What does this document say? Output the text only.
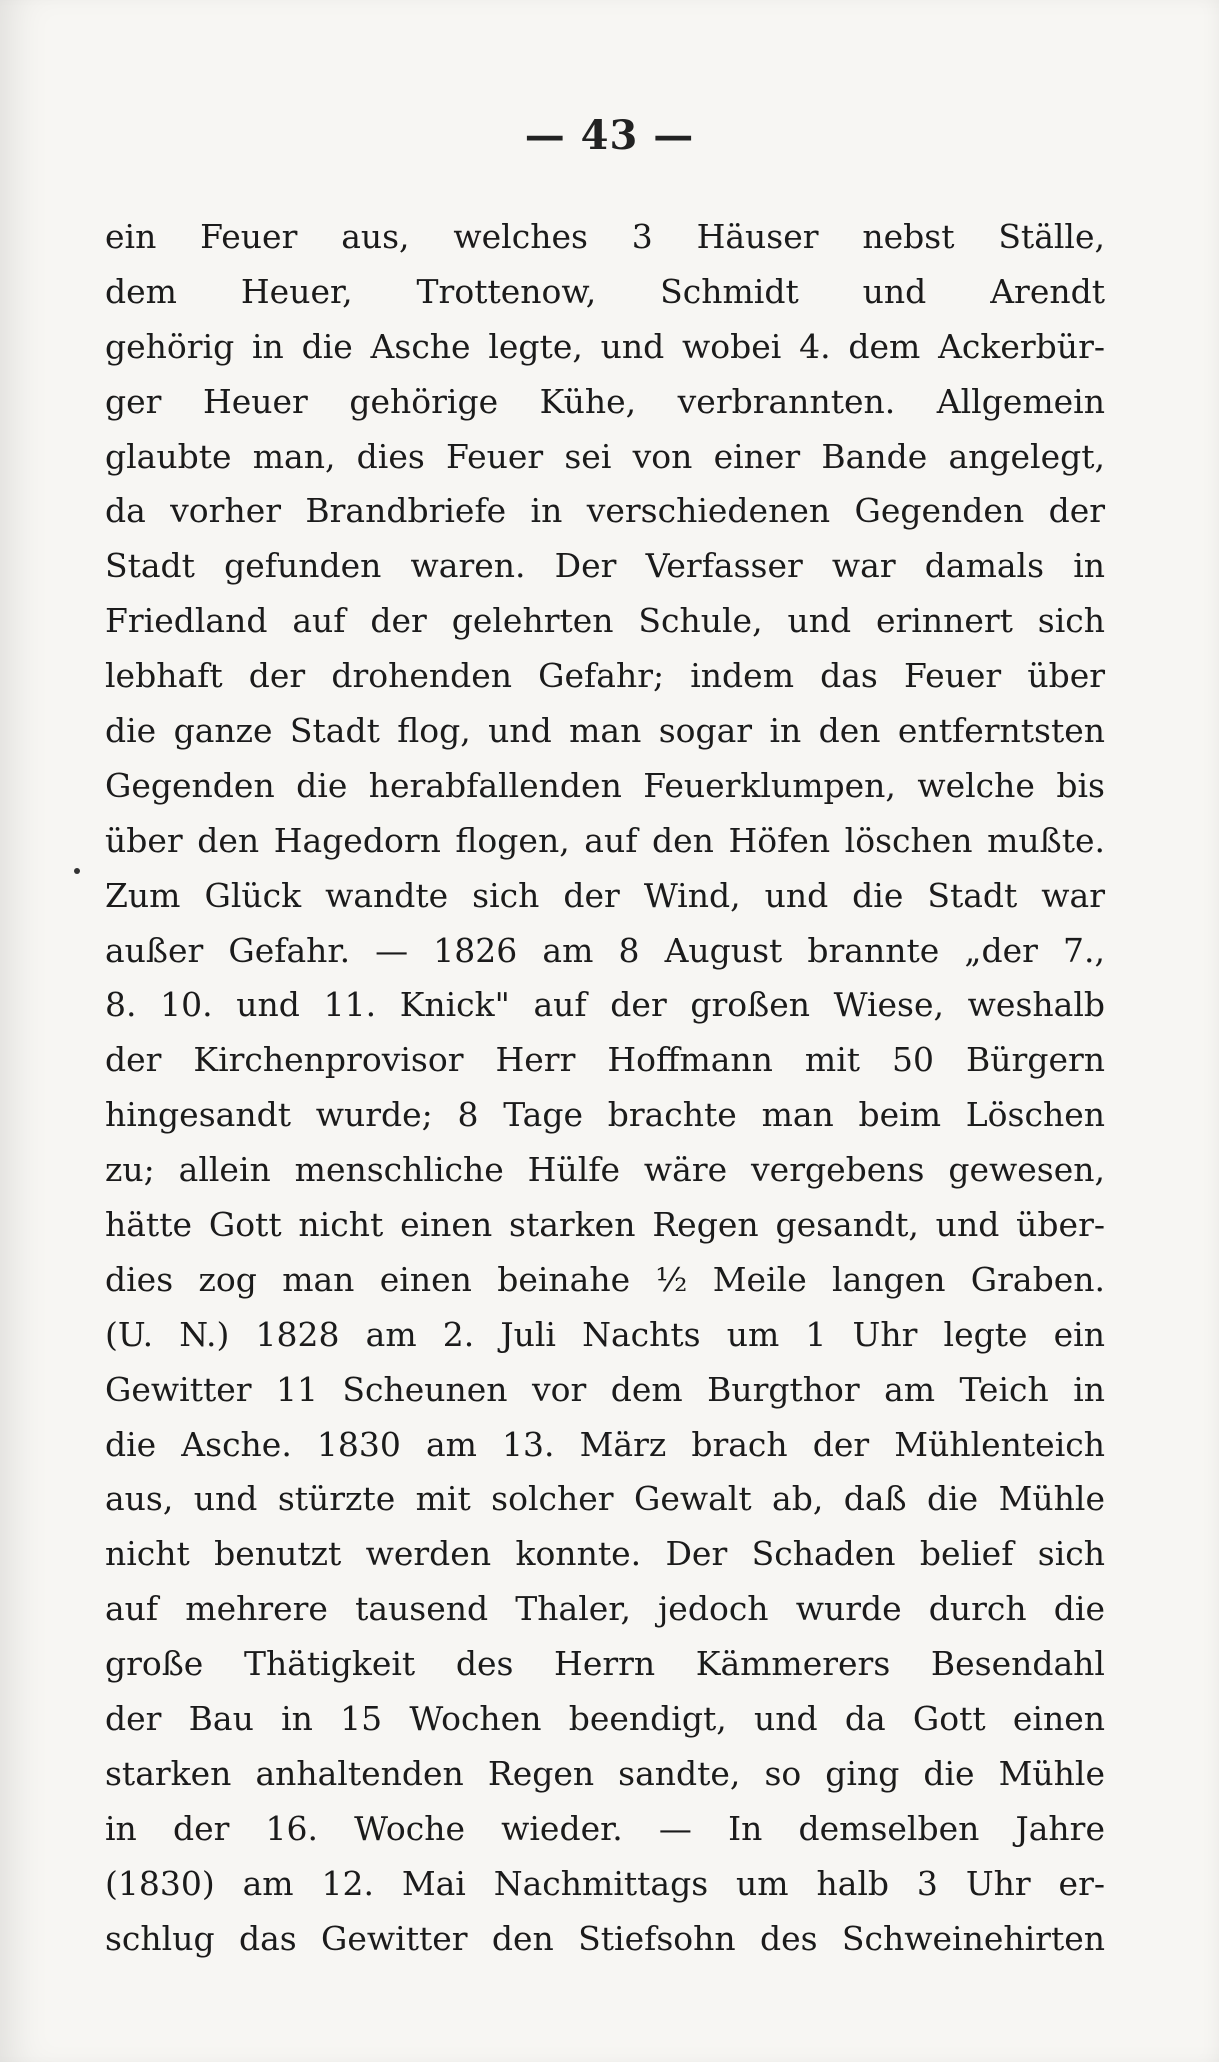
— 43 —
ein Feuer aus, welches 3 Häuser nebst Ställe,
dem Heuer, Trottenow, Schmidt und Arendt
gehörig in die Asche legte, und wobei 4. dem Ackerbür-
ger Heuer gehörige Kühe, verbrannten. Allgemein
glaubte man, dies Feuer sei von einer Bande angelegt,
da vorher Brandbriefe in verschiedenen Gegenden der
Stadt gefunden waren. Der Verfasser war damals in
Friedland auf der gelehrten Schule, und erinnert sich
lebhaft der drohenden Gefahr; indem das Feuer über
die ganze Stadt flog, und man sogar in den entferntsten
Gegenden die herabfallenden Feuerklumpen, welche bis
über den Hagedorn flogen, auf den Höfen löschen mußte.
Zum Glück wandte sich der Wind, und die Stadt war
außer Gefahr. — 1826 am 8 August brannte „der 7.,
8. 10. und 11. Knick" auf der großen Wiese, weshalb
der Kirchenprovisor Herr Hoffmann mit 50 Bürgern
hingesandt wurde; 8 Tage brachte man beim Löschen
zu; allein menschliche Hülfe wäre vergebens gewesen,
hätte Gott nicht einen starken Regen gesandt, und über-
dies zog man einen beinahe ½ Meile langen Graben.
(U. N.) 1828 am 2. Juli Nachts um 1 Uhr legte ein
Gewitter 11 Scheunen vor dem Burgthor am Teich in
die Asche. 1830 am 13. März brach der Mühlenteich
aus, und stürzte mit solcher Gewalt ab, daß die Mühle
nicht benutzt werden konnte. Der Schaden belief sich
auf mehrere tausend Thaler, jedoch wurde durch die
große Thätigkeit des Herrn Kämmerers Besendahl
der Bau in 15 Wochen beendigt, und da Gott einen
starken anhaltenden Regen sandte, so ging die Mühle
in der 16. Woche wieder. — In demselben Jahre
(1830) am 12. Mai Nachmittags um halb 3 Uhr er-
schlug das Gewitter den Stiefsohn des Schweinehirten
